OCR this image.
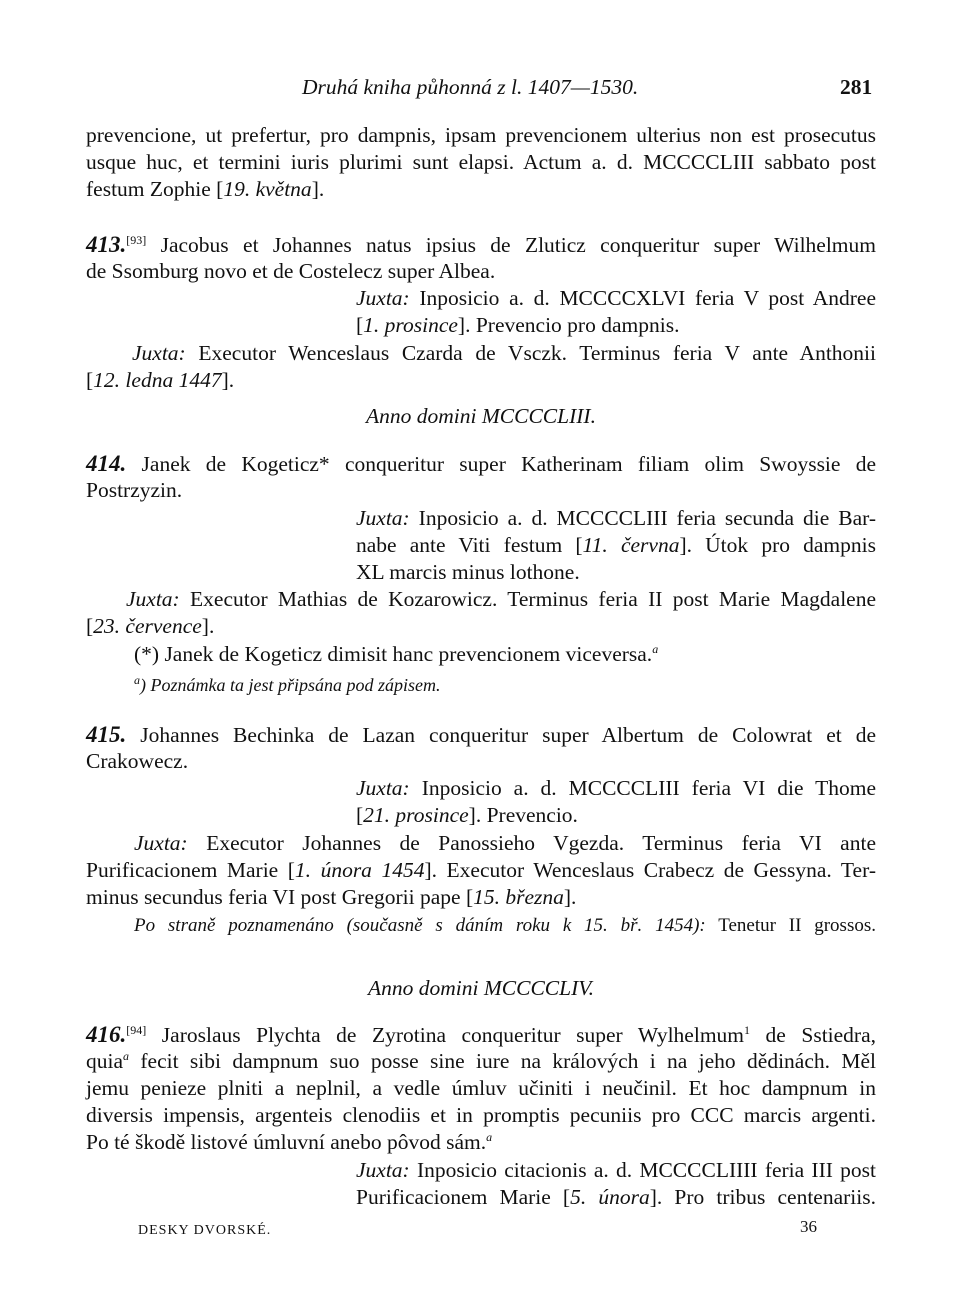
Druhá kniha půhonná z l. 1407—1530.	281
prevencione, ut prefertur, pro dampnis, ipsam prevencionem ulterius non est prosecutus
usque huc, et termini iuris plurimi sunt elapsi. Actum a. d. MCCCCLIII sabbato post
festum Zophie [19. května].
413.[93] Jacobus et Johannes natus ipsius de Zluticz conqueritur super Wilhelmum
de Ssomburg novo et de Costelecz super Albea.
Juxta: Inposicio a. d. MCCCCXLVI feria V post Andree
[1. prosince]. Prevencio pro dampnis.
Juxta: Executor Wenceslaus Czarda de Vsczk. Terminus feria V ante Anthonii
[12. ledna 1447].
Anno domini MCCCCLIII.
414. Janek de Kogeticz* conqueritur super Katherinam filiam olim Swoyssie de
Postrzyzin.
Juxta: Inposicio a. d. MCCCCLIII feria secunda die Bar-
nabe ante Viti festum [11. června]. Útok pro dampnis
XL marcis minus lothone.
Juxta: Executor Mathias de Kozarowicz. Terminus feria II post Marie Magdalene
[23. července].
(*) Janek de Kogeticz dimisit hanc prevencionem viceversa.$^a$
$^a$) Poznámka ta jest připsána pod zápisem.
415. Johannes Bechinka de Lazan conqueritur super Albertum de Colowrat et de
Crakowecz.
Juxta: Inposicio a. d. MCCCCLIII feria VI die Thome
[21. prosince]. Prevencio.
Juxta: Executor Johannes de Panossieho Vgezda. Terminus feria VI ante
Purificacionem Marie [1. února 1454]. Executor Wenceslaus Crabecz de Gessyna. Ter-
minus secundus feria VI post Gregorii pape [15. března].
Po straně poznamenáno (současně s dáním roku k 15. bř. 1454): Tenetur II grossos.
Anno domini MCCCCLIV.
416.[94] Jaroslaus Plychta de Zyrotina conqueritur super Wylhelmum$^1$ de Sstiedra,
quia$^a$ fecit sibi dampnum suo posse sine iure na králových i na jeho dědinách. Měl
jemu penieze plniti a neplnil, a vedle úmluv učiniti i neučinil. Et hoc dampnum in
diversis impensis, argenteis clenodiis et in promptis pecuniis pro CCC marcis argenti.
Po té škodě listové úmluvní anebo pôvod sám.$^a$
Juxta: Inposicio citacionis a. d. MCCCCLIIII feria III post
Purificacionem Marie [5. února]. Pro tribus centenariis.
DESKY DVORSKÉ.	36
